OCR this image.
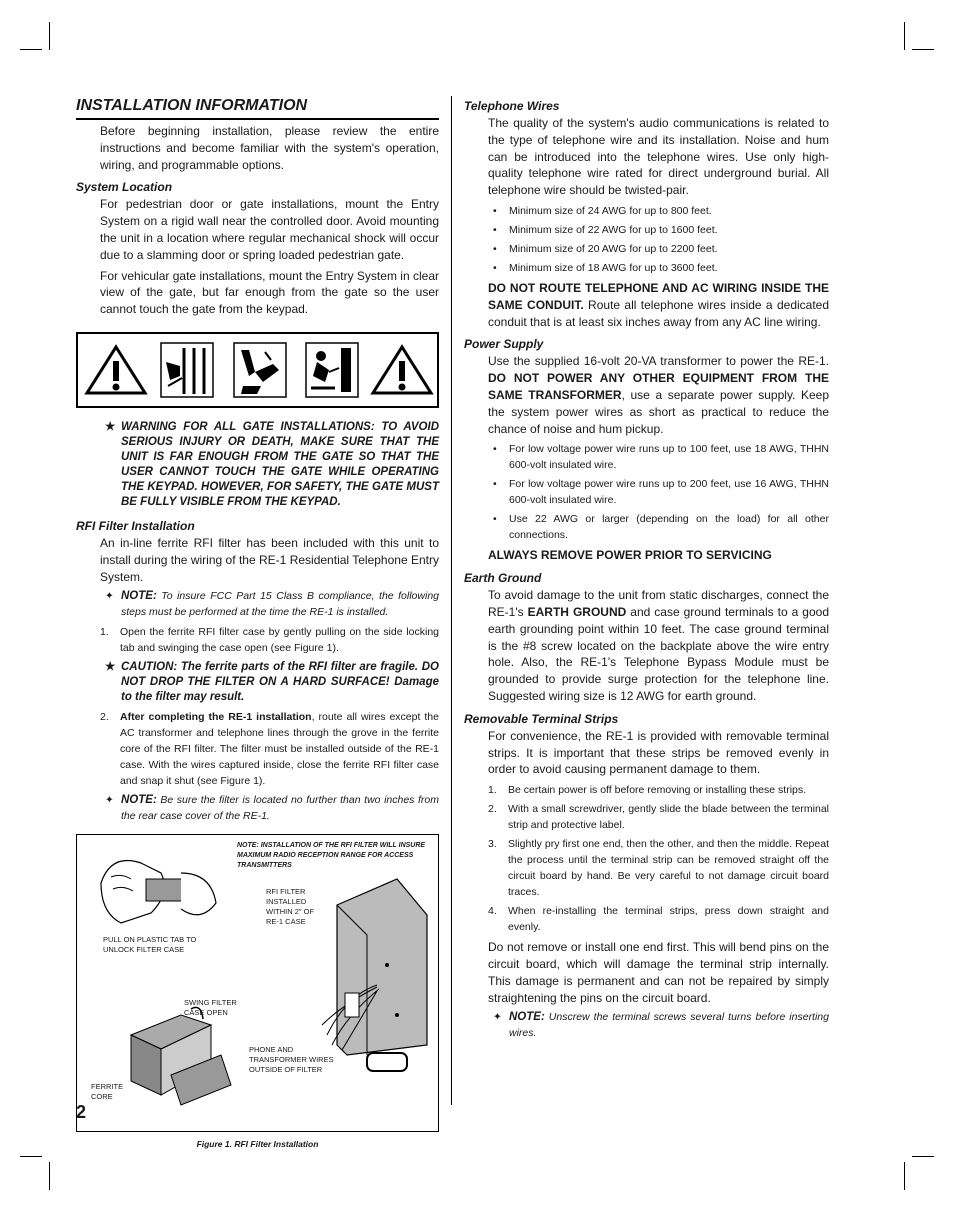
INSTALLATION INFORMATION

Before beginning installation, please review the entire instructions and become familiar with the system's operation, wiring, and programmable options.

System Location

For pedestrian door or gate installations, mount the Entry System on a rigid wall near the controlled door. Avoid mounting the unit in a location where regular mechanical shock will occur due to a slamming door or spring loaded pedestrian gate.

For vehicular gate installations, mount the Entry System in clear view of the gate, but far enough from the gate so the user cannot touch the gate from the keypad.

★ WARNING FOR ALL GATE INSTALLATIONS: TO AVOID SERIOUS INJURY OR DEATH, MAKE SURE THAT THE UNIT IS FAR ENOUGH FROM THE GATE SO THAT THE USER CANNOT TOUCH THE GATE WHILE OPERATING THE KEYPAD. HOWEVER, FOR SAFETY, THE GATE MUST BE FULLY VISIBLE FROM THE KEYPAD.
RFI Filter Installation

An in-line ferrite RFI filter has been included with this unit to install during the wiring of the RE-1 Residential Telephone Entry System.

✦ NOTE: To insure FCC Part 15 Class B compliance, the following steps must be performed at the time the RE-1 is installed.
1. Open the ferrite RFI filter case by gently pulling on the side locking tab and swinging the case open (see Figure 1).
★ CAUTION: The ferrite parts of the RFI filter are fragile. DO NOT DROP THE FILTER ON A HARD SURFACE! Damage to the filter may result.
2. After completing the RE-1 installation, route all wires except the AC transformer and telephone lines through the grove in the ferrite core of the RFI filter. The filter must be installed outside of the RE-1 case. With the wires captured inside, close the ferrite RFI filter case and snap it shut (see Figure 1).
✦ NOTE: Be sure the filter is located no further than two inches from the rear case cover of the RE-1.
NOTE: INSTALLATION OF THE RFI FILTER WILL INSURE MAXIMUM RADIO RECEPTION RANGE FOR ACCESS TRANSMITTERS
PULL ON PLASTIC TAB TO UNLOCK FILTER CASE
RFI FILTER INSTALLED WITHIN 2" OF RE-1 CASE
SWING FILTER CASE OPEN
PHONE AND TRANSFORMER WIRES OUTSIDE OF FILTER
FERRITE CORE
Figure 1. RFI Filter Installation
Telephone Wires

The quality of the system's audio communications is related to the type of telephone wire and its installation. Noise and hum can be introduced into the telephone wires. Use only high-quality telephone wire rated for direct underground burial. All telephone wire should be twisted-pair.

• Minimum size of 24 AWG for up to 800 feet.
• Minimum size of 22 AWG for up to 1600 feet.
• Minimum size of 20 AWG for up to 2200 feet.
• Minimum size of 18 AWG for up to 3600 feet.

DO NOT ROUTE TELEPHONE AND AC WIRING INSIDE THE SAME CONDUIT. Route all telephone wires inside a dedicated conduit that is at least six inches away from any AC line wiring.

Power Supply

Use the supplied 16-volt 20-VA transformer to power the RE-1. DO NOT POWER ANY OTHER EQUIPMENT FROM THE SAME TRANSFORMER, use a separate power supply. Keep the system power wires as short as practical to reduce the chance of noise and hum pickup.

• For low voltage power wire runs up to 100 feet, use 18 AWG, THHN 600-volt insulated wire.
• For low voltage power wire runs up to 200 feet, use 16 AWG, THHN 600-volt insulated wire.
• Use 22 AWG or larger (depending on the load) for all other connections.

ALWAYS REMOVE POWER PRIOR TO SERVICING

Earth Ground

To avoid damage to the unit from static discharges, connect the RE-1's EARTH GROUND and case ground terminals to a good earth grounding point within 10 feet. The case ground terminal is the #8 screw located on the backplate above the wire entry hole. Also, the RE-1's Telephone Bypass Module must be grounded to provide surge protection for the telephone line. Suggested wiring size is 12 AWG for earth ground.

Removable Terminal Strips

For convenience, the RE-1 is provided with removable terminal strips. It is important that these strips be removed evenly in order to avoid causing permanent damage to them.

1. Be certain power is off before removing or installing these strips.
2. With a small screwdriver, gently slide the blade between the terminal strip and protective label.
3. Slightly pry first one end, then the other, and then the middle. Repeat the process until the terminal strip can be removed straight off the circuit board by hand. Be very careful to not damage circuit board traces.
4. When re-installing the terminal strips, press down straight and evenly.

Do not remove or install one end first. This will bend pins on the circuit board, which will damage the terminal strip internally. This damage is permanent and can not be repaired by simply straightening the pins on the circuit board.

✦ NOTE: Unscrew the terminal screws several turns before inserting wires.
2
